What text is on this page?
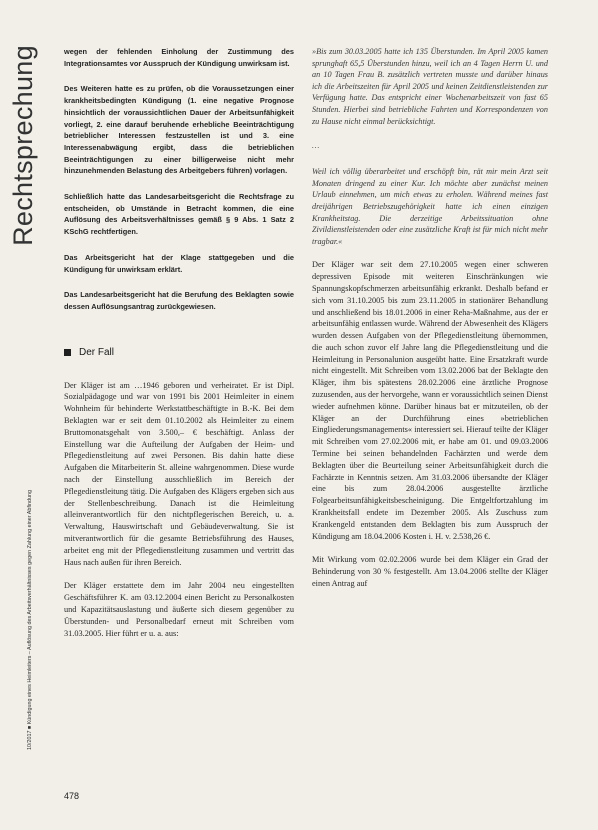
Rechtsprechung
10/2017 ■ Kündigung eines Heimleiters – Auflösung des Arbeitsverhältnisses gegen Zahlung einer Abfindung
478

wegen der fehlenden Einholung der Zustimmung des Integrationsamtes vor Ausspruch der Kündigung unwirksam ist.

Des Weiteren hatte es zu prüfen, ob die Voraussetzungen einer krankheitsbedingten Kündigung (1. eine negative Prognose hinsichtlich der voraussichtlichen Dauer der Arbeitsunfähigkeit vorliegt, 2. eine darauf beruhende erhebliche Beeinträchtigung betrieblicher Interessen festzustellen ist und 3. eine Interessenabwägung ergibt, dass die betrieblichen Beeinträchtigungen zu einer billigerweise nicht mehr hinzunehmenden Belastung des Arbeitgebers führen) vorlagen.

Schließlich hatte das Landesarbeitsgericht die Rechtsfrage zu entscheiden, ob Umstände in Betracht kommen, die eine Auflösung des Arbeitsverhältnisses gemäß § 9 Abs. 1 Satz 2 KSchG rechtfertigen.

Das Arbeitsgericht hat der Klage stattgegeben und die Kündigung für unwirksam erklärt.

Das Landesarbeitsgericht hat die Berufung des Beklagten sowie dessen Auflösungsantrag zurückgewiesen.

Der Fall

Der Kläger ist am …1946 geboren und verheiratet. Er ist Dipl. Sozialpädagoge und war von 1991 bis 2001 Heimleiter in einem Wohnheim für behinderte Werkstattbeschäftigte in B.-K. Bei dem Beklagten war er seit dem 01.10.2002 als Heimleiter zu einem Bruttomonatsgehalt von 3.500,– € beschäftigt. Anlass der Einstellung war die Aufteilung der Aufgaben der Heim- und Pflegedienstleitung auf zwei Personen. Bis dahin hatte diese Aufgaben die Mitarbeiterin St. alleine wahrgenommen. Diese wurde nach der Einstellung ausschließlich im Bereich der Pflegedienstleitung tätig. Die Aufgaben des Klägers ergeben sich aus der Stellenbeschreibung. Danach ist die Heimleitung alleinverantwortlich für den nichtpflegerischen Bereich, u. a. Verwaltung, Hauswirtschaft und Gebäudeverwaltung. Sie ist mitverantwortlich für die gesamte Betriebsführung des Hauses, arbeitet eng mit der Pflegedienstleitung zusammen und vertritt das Haus nach außen für ihren Bereich.

Der Kläger erstattete dem im Jahr 2004 neu eingestellten Geschäftsführer K. am 03.12.2004 einen Bericht zu Personalkosten und Kapazitätsauslastung und äußerte sich diesem gegenüber zu Überstunden- und Personalbedarf erneut mit Schreiben vom 31.03.2005. Hier führt er u. a. aus:

»Bis zum 30.03.2005 hatte ich 135 Überstunden. Im April 2005 kamen sprunghaft 65,5 Überstunden hinzu, weil ich an 4 Tagen Herrn U. und an 10 Tagen Frau B. zusätzlich vertreten musste und darüber hinaus ich die Arbeitszeiten für April 2005 und keinen Zeitdienstleistenden zur Verfügung hatte. Das entspricht einer Wochenarbeitszeit von fast 65 Stunden. Hierbei sind betriebliche Fahrten und Korrespondenzen von zu Hause nicht einmal berücksichtigt.

…

Weil ich völlig überarbeitet und erschöpft bin, rät mir mein Arzt seit Monaten dringend zu einer Kur. Ich möchte aber zunächst meinen Urlaub einnehmen, um mich etwas zu erholen. Während meines fast dreijährigen Betriebszugehörigkeit hatte ich einen einzigen Krankheitstag. Die derzeitige Arbeitssituation ohne Zivildienstleistenden oder eine zusätzliche Kraft ist für mich nicht mehr tragbar.«

Der Kläger war seit dem 27.10.2005 wegen einer schweren depressiven Episode mit weiteren Einschränkungen wie Spannungskopfschmerzen arbeitsunfähig erkrankt. Deshalb befand er sich vom 31.10.2005 bis zum 23.11.2005 in stationärer Behandlung und anschließend bis 18.01.2006 in einer Reha-Maßnahme, aus der er arbeitsunfähig entlassen wurde. Während der Abwesenheit des Klägers wurden dessen Aufgaben von der Pflegedienstleitung übernommen, die auch schon zuvor elf Jahre lang die Pflegedienstleitung und die Heimleitung in Personalunion ausgeübt hatte. Eine Ersatzkraft wurde nicht eingestellt. Mit Schreiben vom 13.02.2006 bat der Beklagte den Kläger, ihm bis spätestens 28.02.2006 eine ärztliche Prognose zuzusenden, aus der hervorgehe, wann er voraussichtlich seinen Dienst wieder aufnehmen könne. Darüber hinaus bat er mitzuteilen, ob der Kläger an der Durchführung eines »betrieblichen Eingliederungsmanagements« interessiert sei. Hierauf teilte der Kläger mit Schreiben vom 27.02.2006 mit, er habe am 01. und 09.03.2006 Termine bei seinen behandelnden Fachärzten und werde dem Beklagten über die Beurteilung seiner Arbeitsunfähigkeit durch die Fachärzte in Kenntnis setzen. Am 31.03.2006 übersandte der Kläger eine bis zum 28.04.2006 ausgestellte ärztliche Folgearbeitsunfähigkeitsbescheinigung. Die Entgeltfortzahlung im Krankheitsfall endete im Dezember 2005. Als Zuschuss zum Krankengeld entstanden dem Beklagten bis zum Ausspruch der Kündigung am 18.04.2006 Kosten i. H. v. 2.538,26 €.

Mit Wirkung vom 02.02.2006 wurde bei dem Kläger ein Grad der Behinderung von 30 % festgestellt. Am 13.04.2006 stellte der Kläger einen Antrag auf
